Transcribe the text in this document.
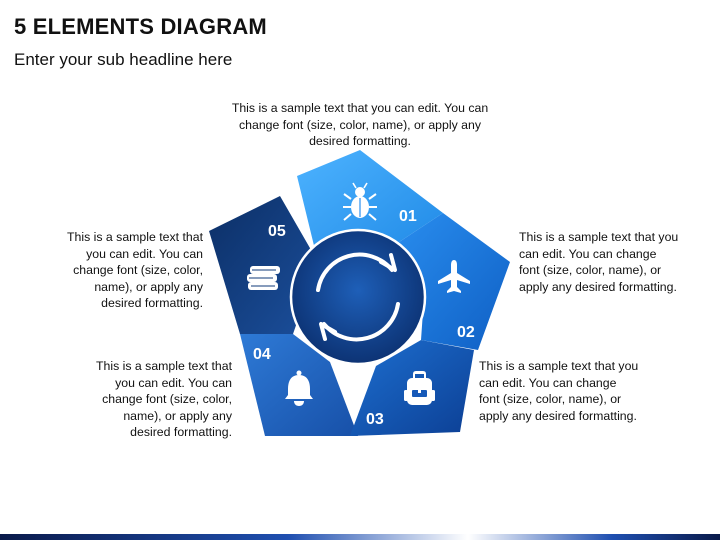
5 ELEMENTS DIAGRAM
Enter your sub headline here
01
02
03
04
05
This is a sample text that you can edit. You can change font (size, color, name), or apply any desired formatting.
This is a sample text that you can edit. You can change font (size, color, name), or apply any desired formatting.
This is a sample text that you can edit. You can change font (size, color, name), or apply any desired formatting.
This is a sample text that you can edit. You can change font (size, color, name), or apply any desired formatting.
This is a sample text that you can edit. You can change font (size, color, name), or apply any desired formatting.
